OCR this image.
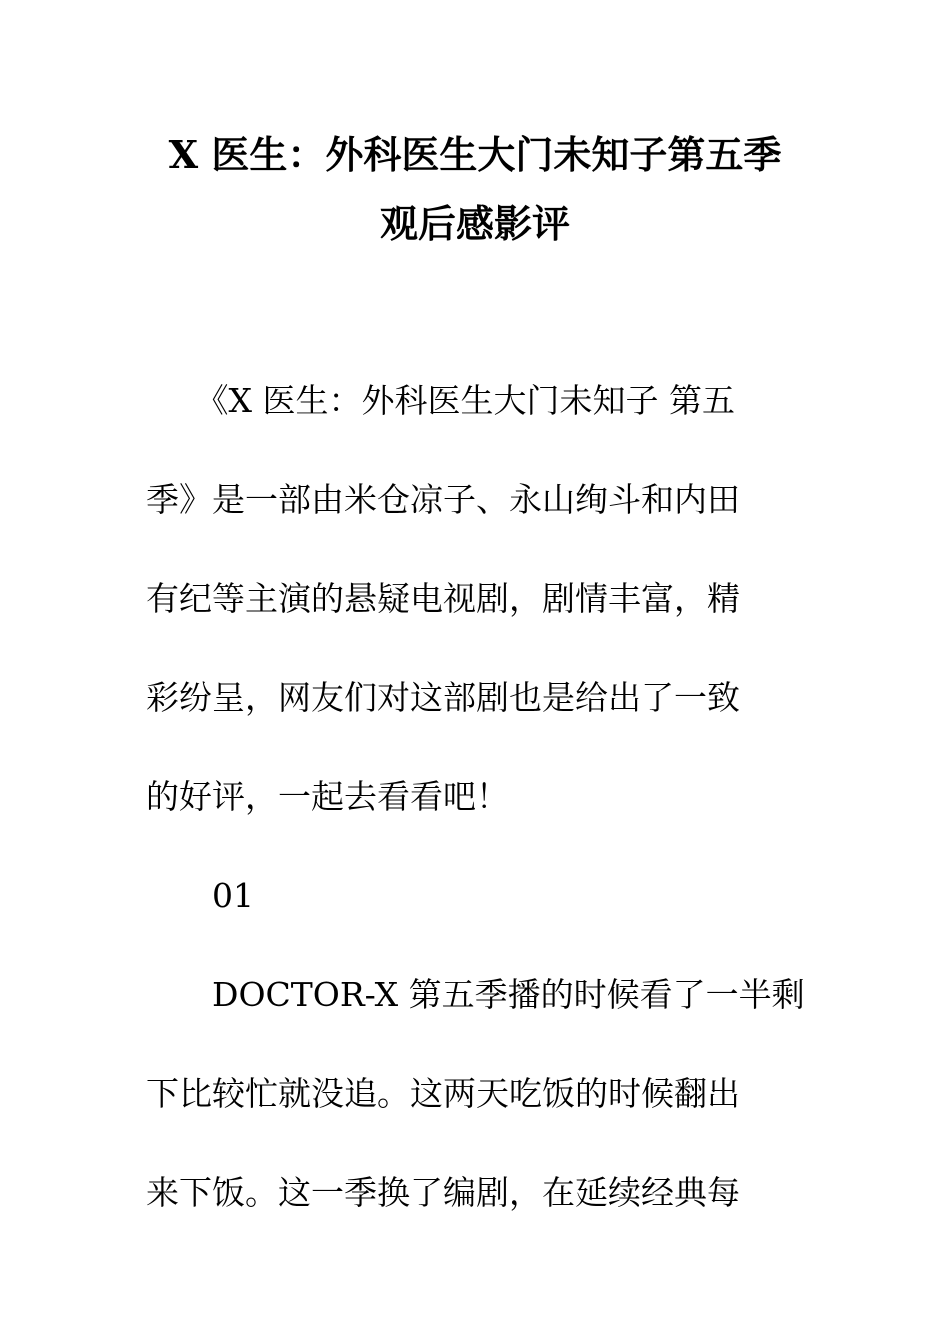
X 医生：外科医生大门未知子第五季
观后感影评
　　《X 医生：外科医生大门未知子 第五
季》是一部由米仓凉子、永山绚斗和内田
有纪等主演的悬疑电视剧，剧情丰富，精
彩纷呈，网友们对这部剧也是给出了一致
的好评，一起去看看吧！
　　01
　　DOCTOR-X 第五季播的时候看了一半剩
下比较忙就没追。这两天吃饭的时候翻出
来下饭。这一季换了编剧，在延续经典每
